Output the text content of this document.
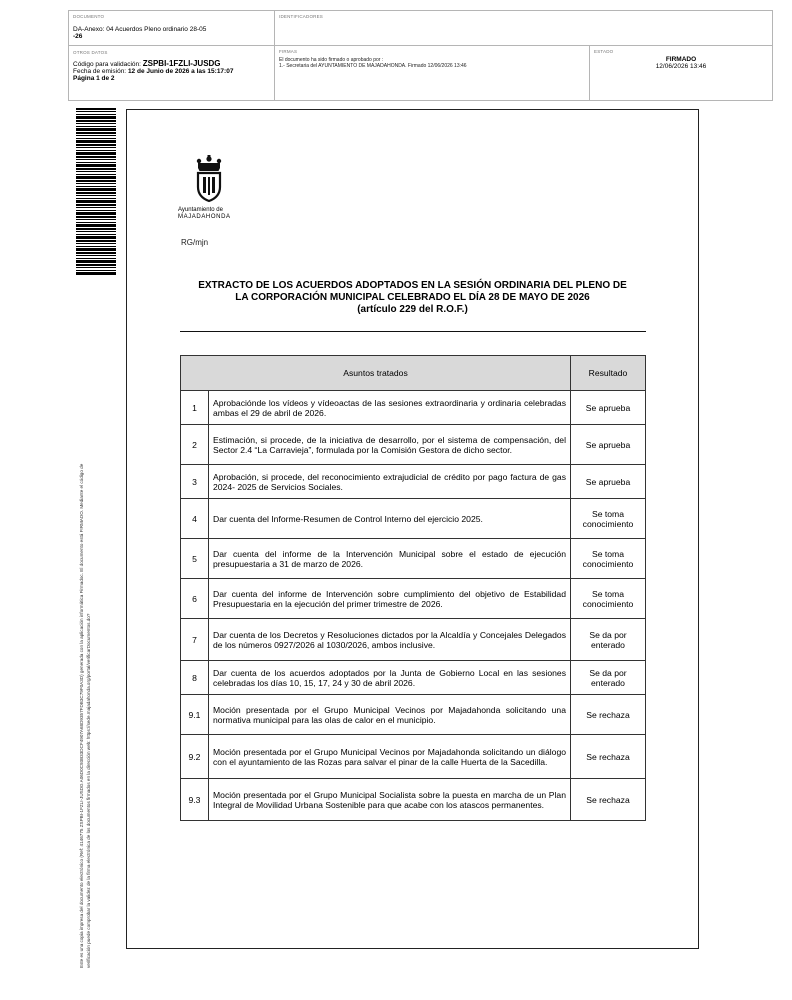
DOCUMENTO
DA-Anexo: 04 Acuerdos Pleno ordinario 28-05
-26
IDENTIFICADORES
OTROS DATOS
Código para validación: ZSPBI-1FZLI-JUSDG
Fecha de emisión: 12 de Junio de 2026 a las 15:17:07
Página 1 de 2
FIRMAS
El documento ha sido firmado o aprobado por :
1.- Secretaria del AYUNTAMIENTO DE MAJADAHONDA. Firmado 12/06/2026 13:46
ESTADO
FIRMADO
12/06/2026 13:46
Este es una copia impresa del documento electrónico (Ref: 4146775 ZSPBI-1FZLI-JUSDG A06D0C93B33DCF4907A68D9357FDB3C79F0A3D) generada con la aplicación informática Firmadoc. El documento está FIRMADO. Mediante el código de verificación puede comprobar la validez de la firma electrónica de los documentos firmados en la dirección web: https://sede.majadahonda.org/portal/verificarDocumentos.do?
Ayuntamiento de
MAJADAHONDA
RG/mjn
EXTRACTO DE LOS ACUERDOS ADOPTADOS EN LA SESIÓN ORDINARIA DEL PLENO DE
LA CORPORACIÓN MUNICIPAL CELEBRADO EL DÍA 28 DE MAYO DE 2026
(artículo 229 del R.O.F.)
Asuntos tratados		Resultado
1	Aprobaciónde los vídeos y vídeoactas de las sesiones extraordinaria y ordinaria celebradas ambas el 29 de abril de 2026.	Se aprueba
2	Estimación, si procede, de la iniciativa de desarrollo, por el sistema de compensación, del Sector 2.4 “La Carravieja”, formulada por la Comisión Gestora de dicho sector.	Se aprueba
3	Aprobación, si procede, del reconocimiento extrajudicial de crédito por pago factura de gas 2024- 2025 de Servicios Sociales.	Se aprueba
4	Dar cuenta del Informe-Resumen de Control Interno del ejercicio 2025.	Se toma conocimiento
5	Dar cuenta del informe de la Intervención Municipal sobre el estado de ejecución presupuestaria a 31 de marzo de 2026.	Se toma conocimiento
6	Dar cuenta del informe de Intervención sobre cumplimiento del objetivo de Estabilidad Presupuestaria en la ejecución del primer trimestre de 2026.	Se toma conocimiento
7	Dar cuenta de los Decretos y Resoluciones dictados por la Alcaldía y Concejales Delegados de los números 0927/2026 al 1030/2026, ambos inclusive.	Se da por enterado
8	Dar cuenta de los acuerdos adoptados por la Junta de Gobierno Local en las sesiones celebradas los días 10, 15, 17, 24 y 30 de abril 2026.	Se da por enterado
9.1	Moción presentada por el Grupo Municipal Vecinos por Majadahonda solicitando una normativa municipal para las olas de calor en el municipio.	Se rechaza
9.2	Moción presentada por el Grupo Municipal Vecinos por Majadahonda solicitando un diálogo con el ayuntamiento de las Rozas para salvar el pinar de la calle Huerta de la Sacedilla.	Se rechaza
9.3	Moción presentada por el Grupo Municipal Socialista sobre la puesta en marcha de un Plan Integral de Movilidad Urbana Sostenible para que acabe con los atascos permanentes.	Se rechaza
